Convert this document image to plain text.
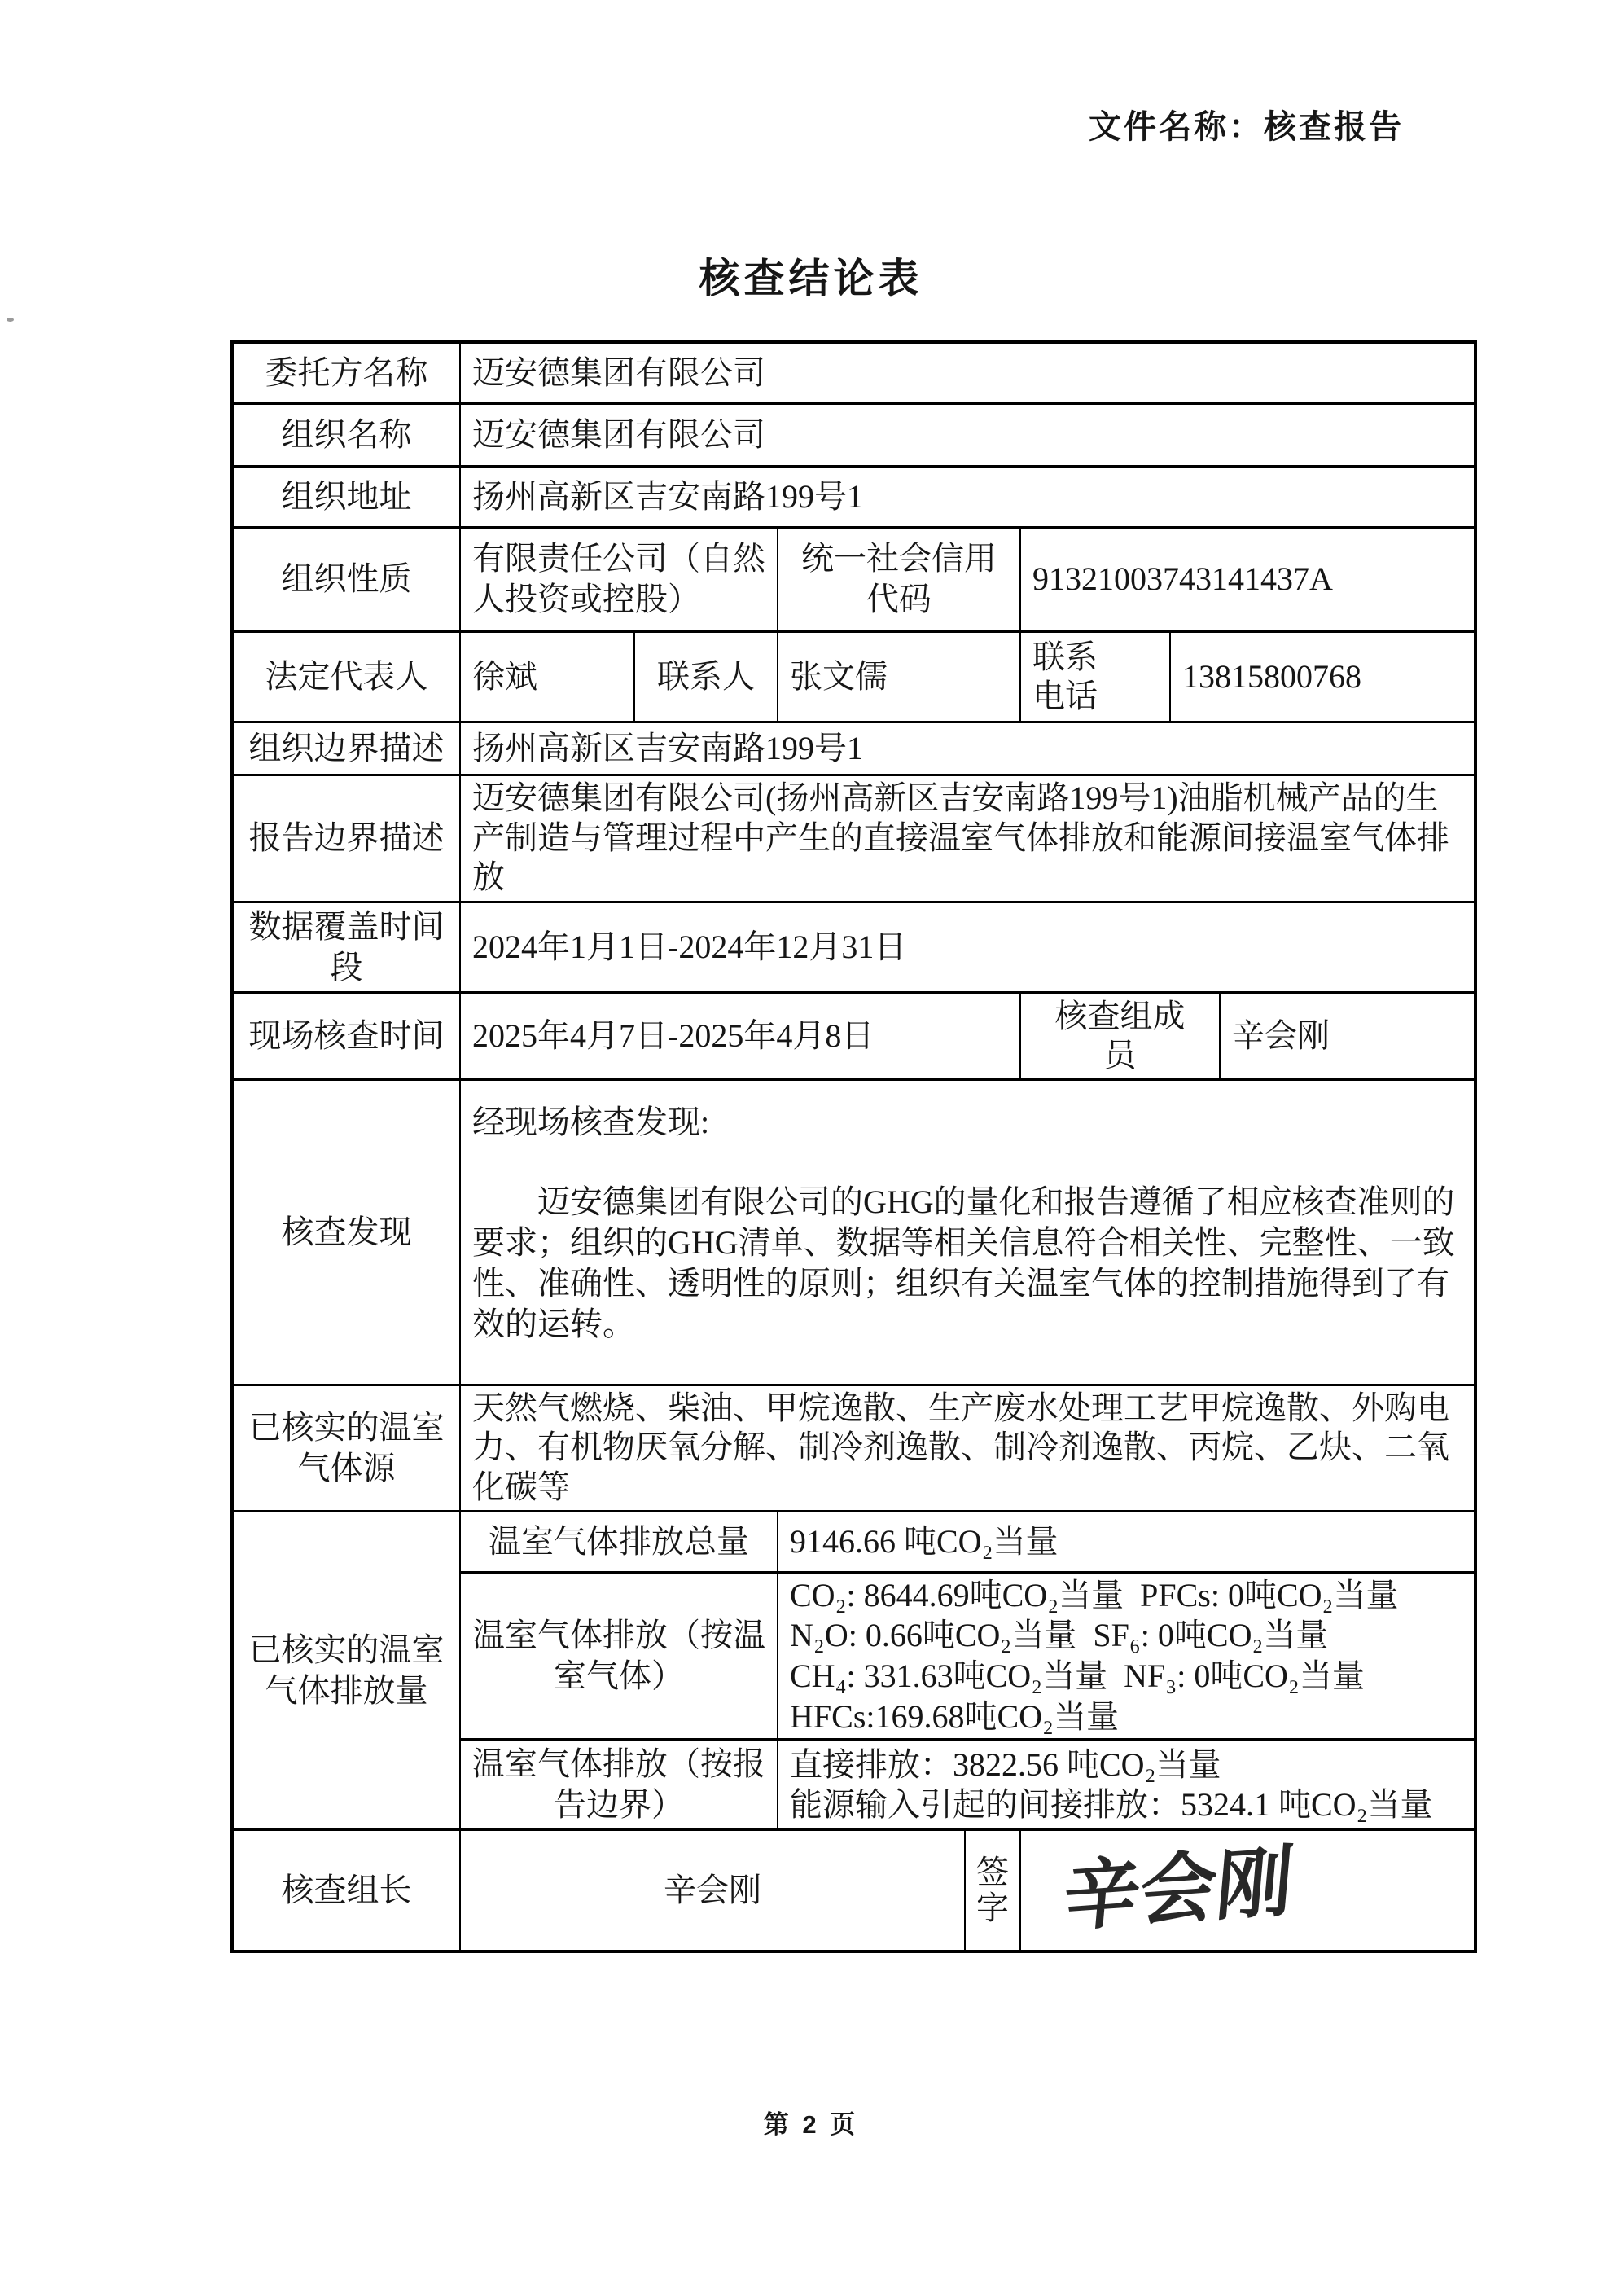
文件名称：核查报告
核查结论表
委托方名称	迈安德集团有限公司						
组织名称	迈安德集团有限公司						
组织地址	扬州高新区吉安南路199号1						
组织性质	有限责任公司（自然人投资或控股）		统一社会信用代码		91321003743141437A		
法定代表人	徐斌	联系人	张文儒		联系电话	13815800768	
组织边界描述	扬州高新区吉安南路199号1						
报告边界描述	迈安德集团有限公司(扬州高新区吉安南路199号1)油脂机械产品的生产制造与管理过程中产生的直接温室气体排放和能源间接温室气体排放						
数据覆盖时间段	2024年1月1日-2024年12月31日						
现场核查时间	2025年4月7日-2025年4月8日				核查组成员		辛会刚
核查发现	经现场核查发现:
迈安德集团有限公司的GHG的量化和报告遵循了相应核查准则的要求；组织的GHG清单、数据等相关信息符合相关性、完整性、一致性、准确性、透明性的原则；组织有关温室气体的控制措施得到了有效的运转。						

已核实的温室气体源	天然气燃烧、柴油、甲烷逸散、生产废水处理工艺甲烷逸散、外购电力、有机物厌氧分解、制冷剂逸散、制冷剂逸散、丙烷、乙炔、二氧化碳等						
已核实的温室气体排放量	温室气体排放总量		9146.66 吨CO₂当量				
	温室气体排放（按温室气体）		CO₂: 8644.69吨CO₂当量  PFCs: 0吨CO₂当量
N₂O: 0.66吨CO₂当量  SF₆: 0吨CO₂当量
CH₄: 331.63吨CO₂当量  NF₃: 0吨CO₂当量
HFCs:169.68吨CO₂当量				

	温室气体排放（按报告边界）		直接排放：3822.56 吨CO₂当量
能源输入引起的间接排放：5324.1 吨CO₂当量				

核查组长	辛会刚			签字	辛会刚		
第 2 页
